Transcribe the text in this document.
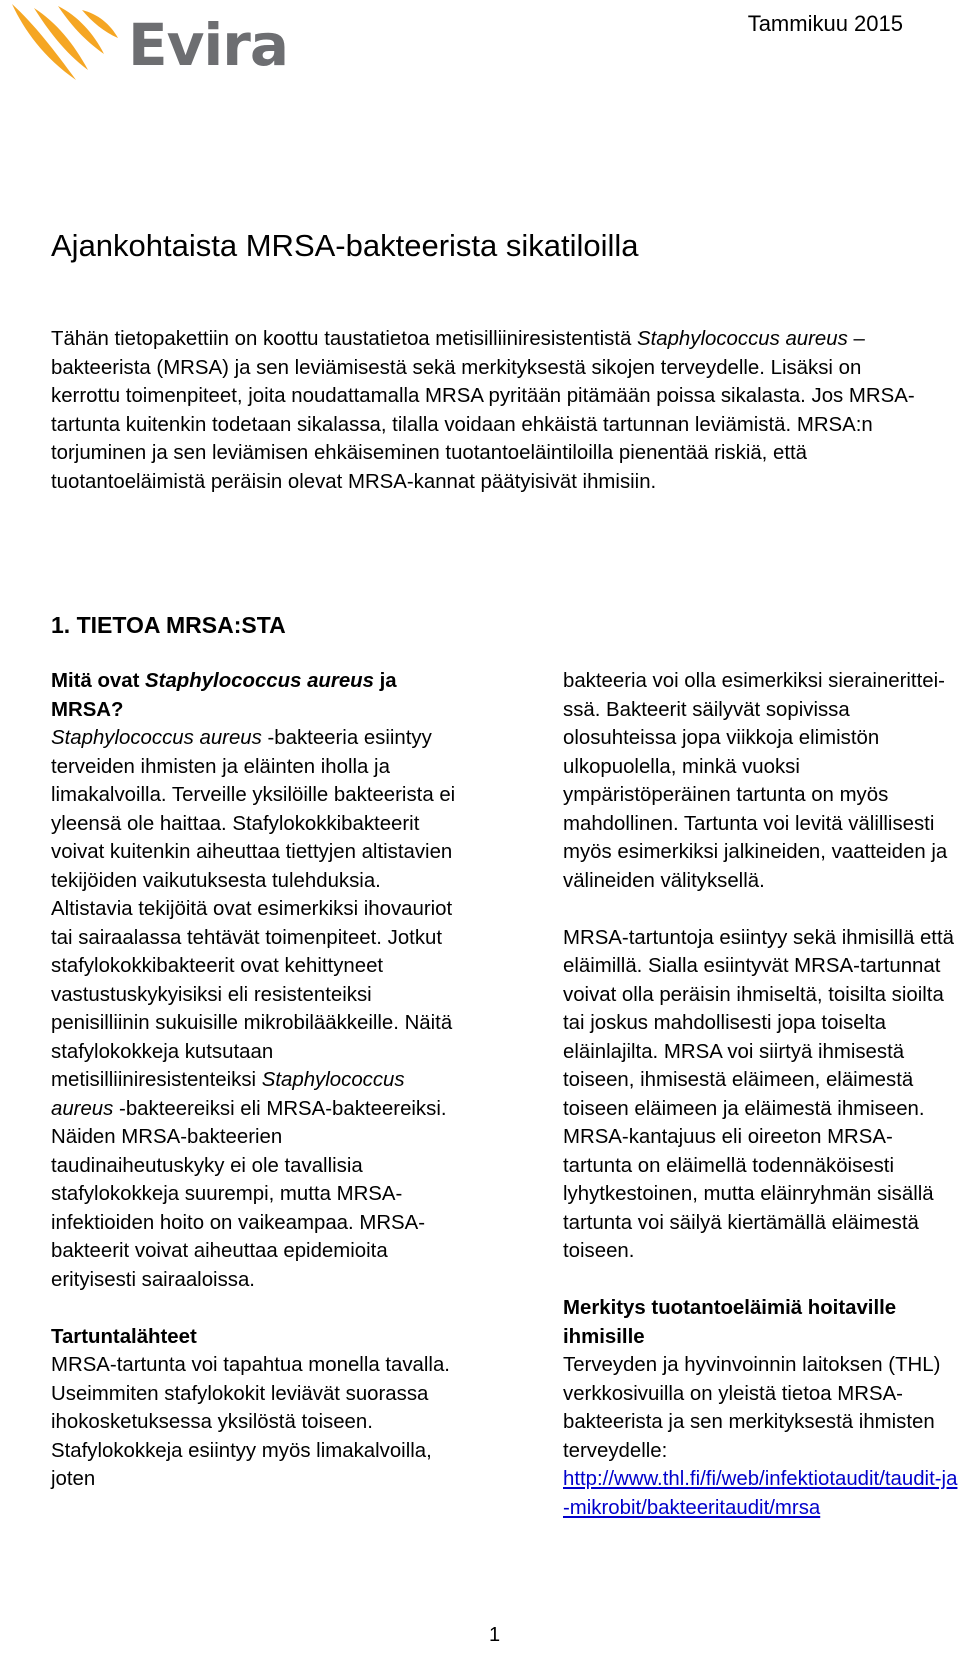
Evira	Tammikuu 2015
Ajankohtaista MRSA-bakteerista sikatiloilla

Tähän tietopakettiin on koottu taustatietoa metisilliiniresistentistä Staphylococcus aureus –bakteerista (MRSA) ja sen leviämisestä sekä merkityksestä sikojen terveydelle. Lisäksi on kerrottu toimenpiteet, joita noudattamalla MRSA pyritään pitämään poissa sikalasta. Jos MRSA-tartunta kuitenkin todetaan sikalassa, tilalla voidaan ehkäistä tartunnan leviämistä. MRSA:n torjuminen ja sen leviämisen ehkäiseminen tuotantoeläintiloilla pienentää riskiä, että tuotantoeläimistä peräisin olevat MRSA-kannat päätyisivät ihmisiin.

1. TIETOA MRSA:STA
Mitä ovat Staphylococcus aureus ja MRSA?

Staphylococcus aureus -bakteeria esiintyy terveiden ihmisten ja eläinten iholla ja limakalvoilla. Terveille yksilöille bakteerista ei yleensä ole haittaa. Stafylokokkibakteerit voivat kuitenkin aiheuttaa tiettyjen altistavien tekijöiden vaikutuksesta tulehduksia. Altistavia tekijöitä ovat esimerkiksi ihovauriot tai sairaalassa tehtävät toimenpiteet. Jotkut stafylokokkibakteerit ovat kehittyneet vastustuskykyisiksi eli resistenteiksi penisilliinin sukuisille mikrobilääkkeille. Näitä stafylokokkeja kutsutaan metisilliiniresistenteiksi Staphylococcus aureus -bakteereiksi eli MRSA-bakteereiksi. Näiden MRSA-bakteerien taudinaiheutuskyky ei ole tavallisia stafylokokkeja suurempi, mutta MRSA-infektioiden hoito on vaikeampaa. MRSA-bakteerit voivat aiheuttaa epidemioita erityisesti sairaaloissa.

Tartuntalähteet

MRSA-tartunta voi tapahtua monella tavalla. Useimmiten stafylokokit leviävät suorassa ihokosketuksessa yksilöstä toiseen. Stafylokokkeja esiintyy myös limakalvoilla, joten

bakteeria voi olla esimerkiksi sieraineritteissä. Bakteerit säilyvät sopivissa olosuhteissa jopa viikkoja elimistön ulkopuolella, minkä vuoksi ympäristöperäinen tartunta on myös mahdollinen. Tartunta voi levitä välillisesti myös esimerkiksi jalkineiden, vaatteiden ja välineiden välityksellä.

MRSA-tartuntoja esiintyy sekä ihmisillä että eläimillä. Sialla esiintyvät MRSA-tartunnat voivat olla peräisin ihmiseltä, toisilta sioilta tai joskus mahdollisesti jopa toiselta eläinlajilta. MRSA voi siirtyä ihmisestä toiseen, ihmisestä eläimeen, eläimestä toiseen eläimeen ja eläimestä ihmiseen. MRSA-kantajuus eli oireeton MRSA-tartunta on eläimellä todennäköisesti lyhytkestoinen, mutta eläinryhmän sisällä tartunta voi säilyä kiertämällä eläimestä toiseen.

Merkitys tuotantoeläimiä hoitaville ihmisille

Terveyden ja hyvinvoinnin laitoksen (THL) verkkosivuilla on yleistä tietoa MRSA-bakteerista ja sen merkityksestä ihmisten terveydelle:

http://www.thl.fi/fi/web/infektiotaudit/taudit-ja-mikrobit/bakteeritaudit/mrsa

1
